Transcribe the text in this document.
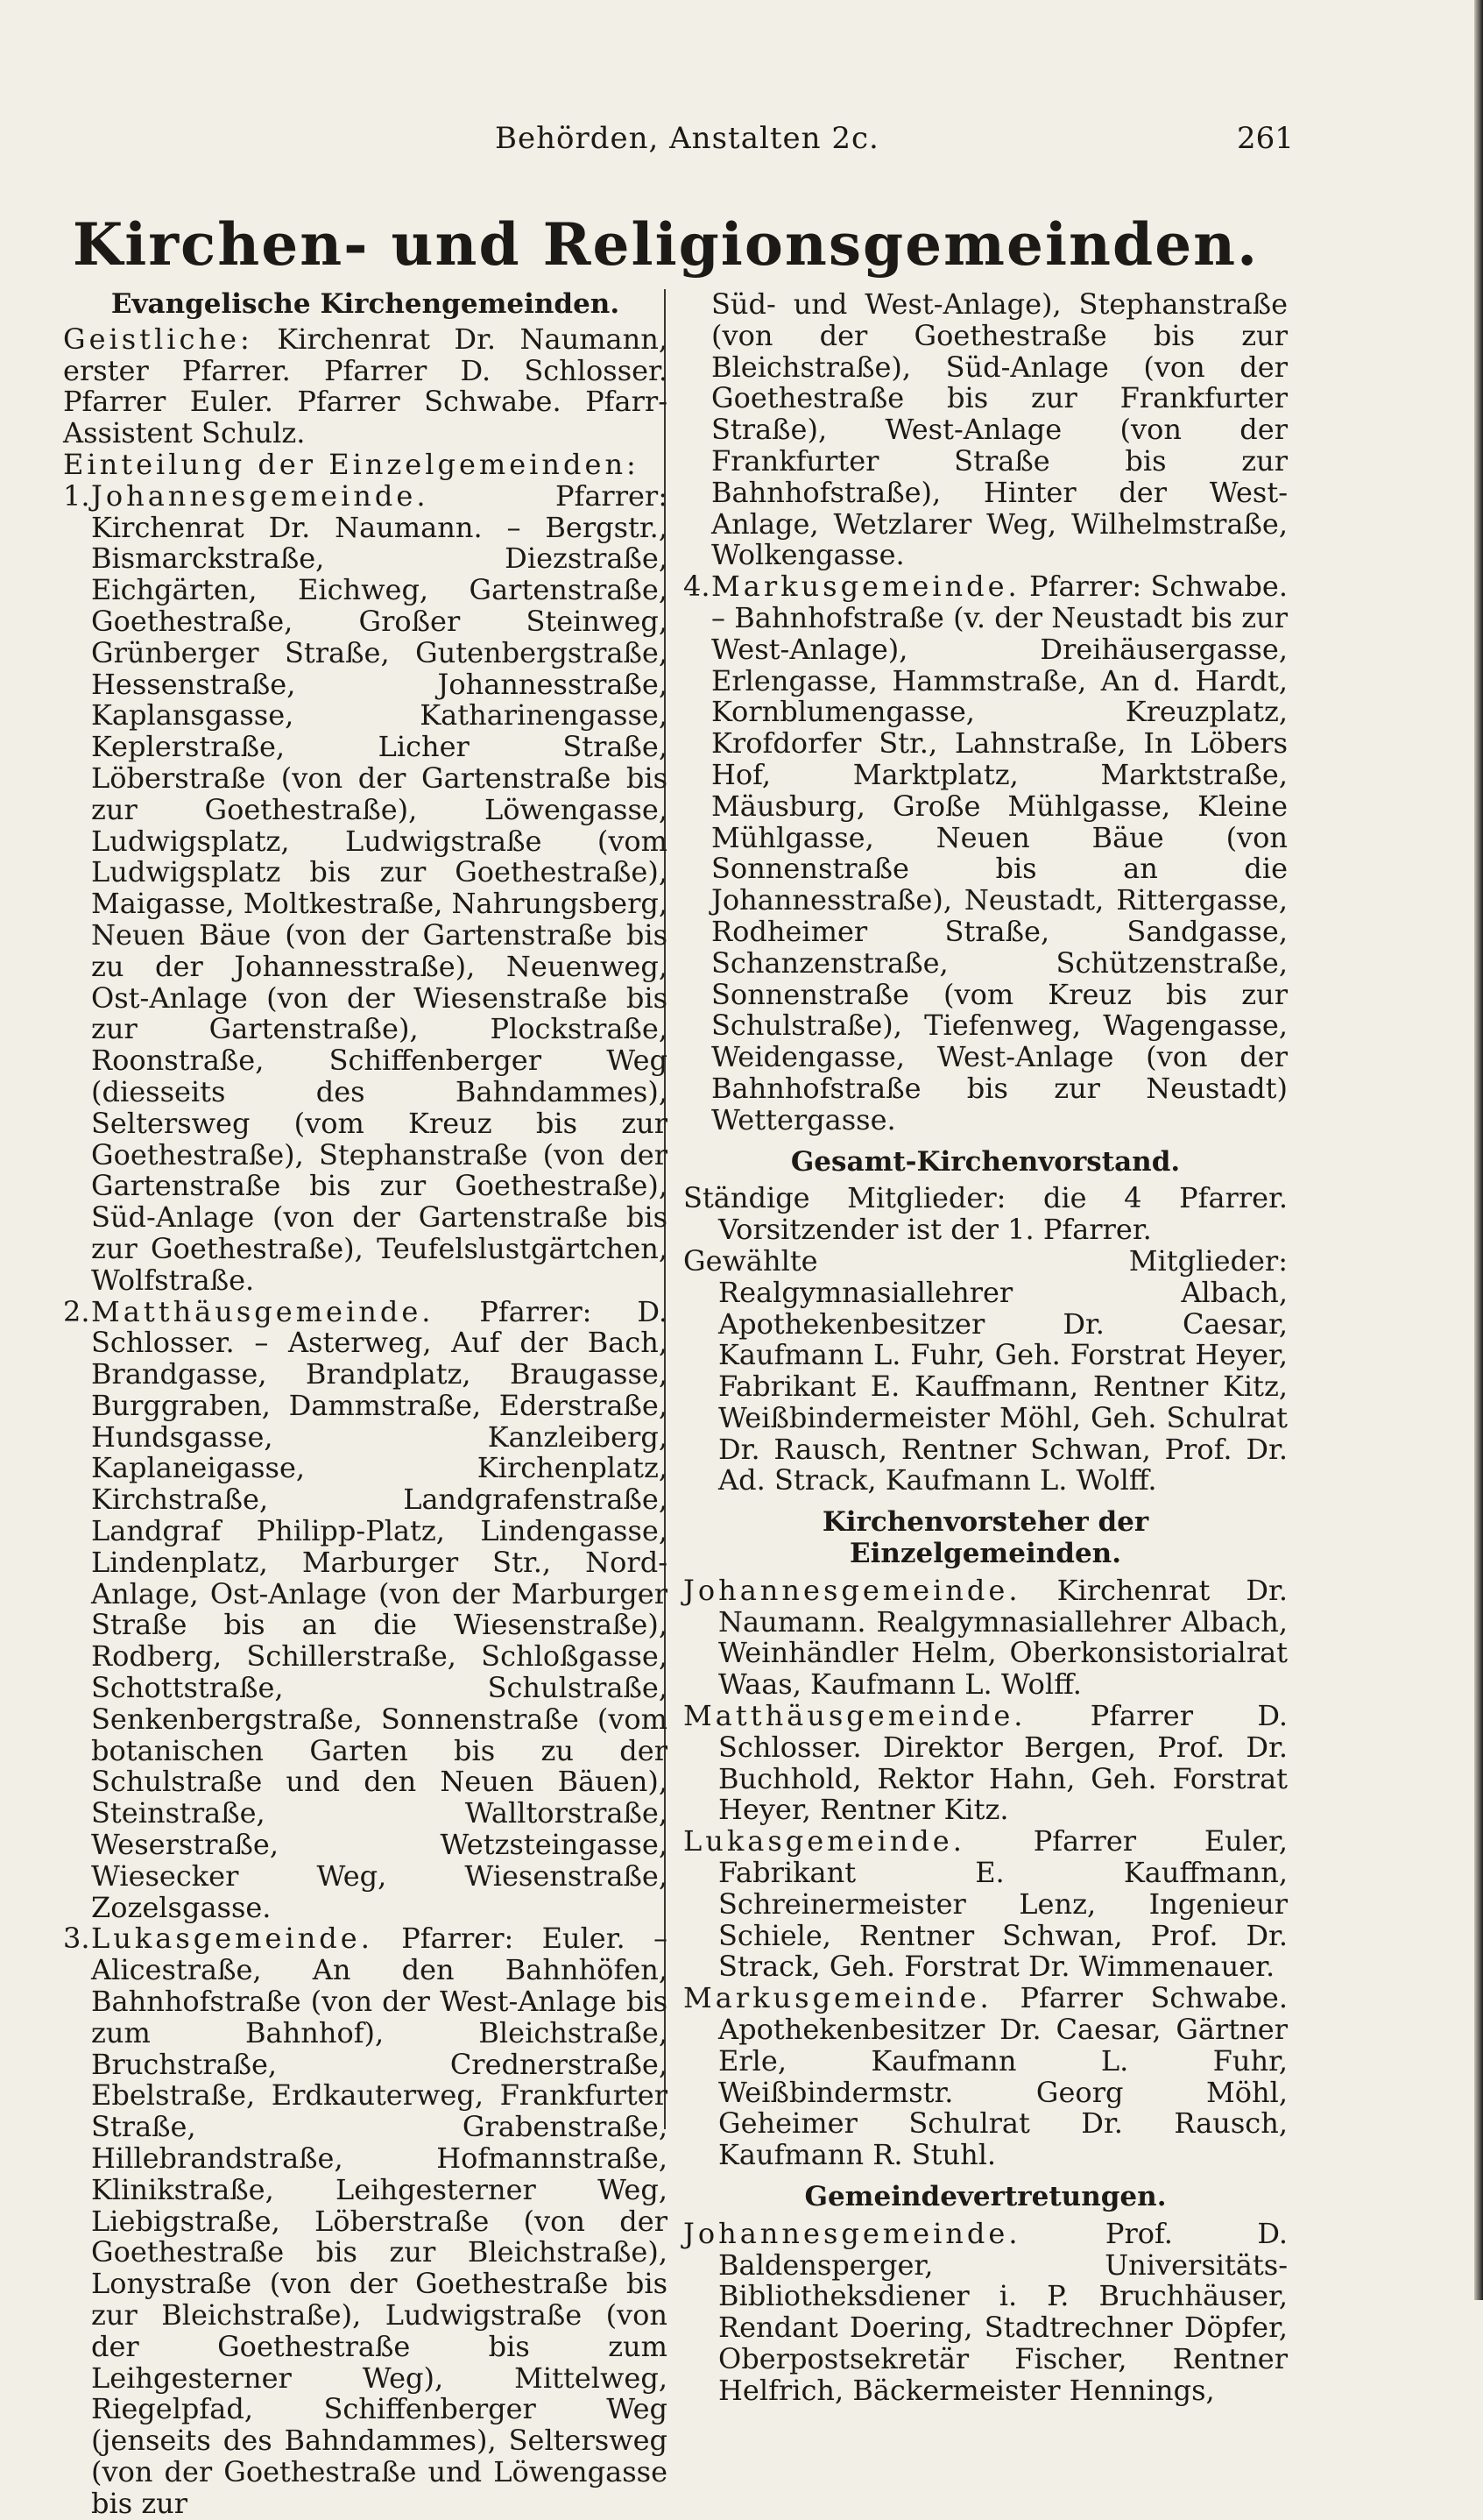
Behörden, Anstalten 2c.	261
Kirchen- und Religionsgemeinden.
Evangelische Kirchengemeinden.

Geistliche: Kirchenrat Dr. Naumann, erster Pfarrer. Pfarrer D. Schlosser. Pfarrer Euler. Pfarrer Schwabe. Pfarr-Assistent Schulz.

Einteilung der Einzelgemeinden:

1. Johannesgemeinde.	Pfarrer: Kirchenrat Dr. Naumann. – Bergstr., Bismarckstraße, Diezstraße, Eichgärten, Eichweg, Gartenstraße, Goethestraße, Großer Steinweg, Grünberger Straße, Gutenbergstraße, Hessenstraße, Johannesstraße, Kaplansgasse, Katharinengasse, Keplerstraße, Licher Straße, Löberstraße (von der Gartenstraße bis zur Goethestraße), Löwengasse, Ludwigsplatz, Ludwigstraße (vom Ludwigsplatz bis zur Goethestraße), Maigasse, Moltkestraße, Nahrungsberg, Neuen Bäue (von der Gartenstraße bis zu der Johannesstraße), Neuenweg, Ost-Anlage (von der Wiesenstraße bis zur Gartenstraße), Plockstraße, Roonstraße, Schiffenberger Weg (diesseits des Bahndammes), Seltersweg (vom Kreuz bis zur Goethestraße), Stephanstraße (von der Gartenstraße bis zur Goethestraße), Süd-Anlage (von der Gartenstraße bis zur Goethestraße), Teufelslustgärtchen, Wolfstraße.
2. Matthäusgemeinde. Pfarrer: D. Schlosser. – Asterweg, Auf der Bach, Brandgasse, Brandplatz, Braugasse, Burggraben, Dammstraße, Ederstraße, Hundsgasse, Kanzleiberg, Kaplaneigasse, Kirchenplatz, Kirchstraße, Landgrafenstraße, Landgraf Philipp-Platz, Lindengasse, Lindenplatz, Marburger Str., Nord-Anlage, Ost-Anlage (von der Marburger Straße bis an die Wiesenstraße), Rodberg, Schillerstraße, Schloßgasse, Schottstraße, Schulstraße, Senkenbergstraße, Sonnenstraße (vom botanischen Garten bis zu der Schulstraße und den Neuen Bäuen), Steinstraße, Walltorstraße, Weserstraße, Wetzsteingasse, Wiesecker Weg, Wiesenstraße, Zozelsgasse.
3. Lukasgemeinde. Pfarrer: Euler. – Alicestraße, An den Bahnhöfen, Bahnhofstraße (von der West-Anlage bis zum Bahnhof), Bleichstraße, Bruchstraße, Crednerstraße, Ebelstraße, Erdkauterweg, Frankfurter Straße, Grabenstraße, Hillebrandstraße, Hofmannstraße, Klinikstraße, Leihgesterner Weg, Liebigstraße, Löberstraße (von der Goethestraße bis zur Bleichstraße), Lonystraße (von der Goethestraße bis zur Bleichstraße), Ludwigstraße (von der Goethestraße bis zum Leihgesterner Weg), Mittelweg, Riegelpfad, Schiffenberger Weg (jenseits des Bahndammes), Seltersweg (von der Goethestraße und Löwengasse bis zur
Süd- und West-Anlage), Stephanstraße (von der Goethestraße bis zur Bleichstraße), Süd-Anlage (von der Goethestraße bis zur Frankfurter Straße), West-Anlage (von der Frankfurter Straße bis zur Bahnhofstraße), Hinter der West-Anlage, Wetzlarer Weg, Wilhelmstraße, Wolkengasse.
4. Markusgemeinde. Pfarrer: Schwabe. – Bahnhofstraße (v. der Neustadt bis zur West-Anlage), Dreihäusergasse, Erlengasse, Hammstraße, An d. Hardt, Kornblumengasse, Kreuzplatz, Krofdorfer Str., Lahnstraße, In Löbers Hof, Marktplatz, Marktstraße, Mäusburg, Große Mühlgasse, Kleine Mühlgasse, Neuen Bäue (von Sonnenstraße bis an die Johannesstraße), Neustadt, Rittergasse, Rodheimer Straße, Sandgasse, Schanzenstraße, Schützenstraße, Sonnenstraße (vom Kreuz bis zur Schulstraße), Tiefenweg, Wagengasse, Weidengasse, West-Anlage (von der Bahnhofstraße bis zur Neustadt) Wettergasse.
Gesamt-Kirchenvorstand.

Ständige Mitglieder: die 4 Pfarrer. Vorsitzender ist der 1. Pfarrer.

Gewählte Mitglieder: Realgymnasiallehrer Albach, Apothekenbesitzer Dr. Caesar, Kaufmann L. Fuhr, Geh. Forstrat Heyer, Fabrikant E. Kauffmann, Rentner Kitz, Weißbindermeister Möhl, Geh. Schulrat Dr. Rausch, Rentner Schwan, Prof. Dr. Ad. Strack, Kaufmann L. Wolff.

Kirchenvorsteher der Einzelgemeinden.

Johannesgemeinde. Kirchenrat Dr. Naumann. Realgymnasiallehrer Albach, Weinhändler Helm, Oberkonsistorialrat Waas, Kaufmann L. Wolff.

Matthäusgemeinde. Pfarrer D. Schlosser. Direktor Bergen, Prof. Dr. Buchhold, Rektor Hahn, Geh. Forstrat Heyer, Rentner Kitz.

Lukasgemeinde. Pfarrer Euler, Fabrikant E. Kauffmann, Schreinermeister Lenz, Ingenieur Schiele, Rentner Schwan, Prof. Dr. Strack, Geh. Forstrat Dr. Wimmenauer.

Markusgemeinde. Pfarrer Schwabe. Apothekenbesitzer Dr. Caesar, Gärtner Erle, Kaufmann L. Fuhr, Weißbindermstr. Georg Möhl, Geheimer Schulrat Dr. Rausch, Kaufmann R. Stuhl.

Gemeindevertretungen.

Johannesgemeinde.	Prof. D. Baldensperger, Universitäts-Bibliotheksdiener i. P. Bruchhäuser, Rendant Doering, Stadtrechner Döpfer, Oberpostsekretär Fischer, Rentner Helfrich, Bäckermeister Hennings,
